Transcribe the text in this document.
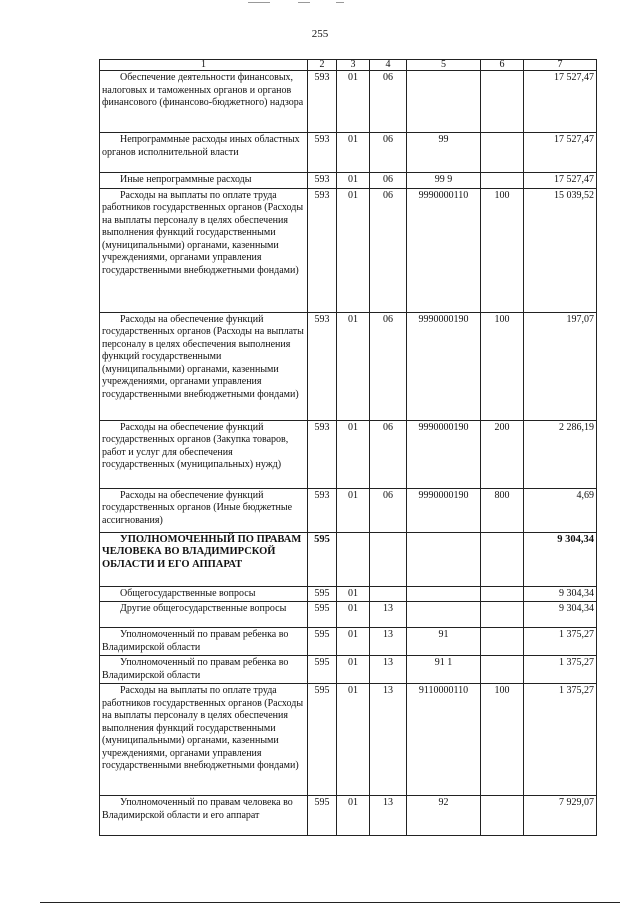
255
1	2	3	4	5	6	7
Обеспечение деятельности финансовых, налоговых и таможенных органов и органов финансового (финансово-бюджетного) надзора	593	01	06			17 527,47
Непрограммные расходы иных областных органов исполнительной власти	593	01	06	99		17 527,47
Иные непрограммные расходы	593	01	06	99 9		17 527,47
Расходы на выплаты по оплате труда работников государственных органов (Расходы на выплаты персоналу в целях обеспечения выполнения функций государственными (муниципальными) органами, казенными учреждениями, органами управления государственными внебюджетными фондами)	593	01	06	9990000110	100	15 039,52
Расходы на обеспечение функций государственных органов (Расходы на выплаты персоналу в целях обеспечения выполнения функций государственными (муниципальными) органами, казенными учреждениями, органами управления государственными внебюджетными фондами)	593	01	06	9990000190	100	197,07
Расходы на обеспечение функций государственных органов (Закупка товаров, работ и услуг для обеспечения государственных (муниципальных) нужд)	593	01	06	9990000190	200	2 286,19
Расходы на обеспечение функций государственных органов (Иные бюджетные ассигнования)	593	01	06	9990000190	800	4,69
УПОЛНОМОЧЕННЫЙ ПО ПРАВАМ ЧЕЛОВЕКА ВО ВЛАДИМИРСКОЙ ОБЛАСТИ И ЕГО АППАРАТ	595					9 304,34
Общегосударственные вопросы	595	01				9 304,34
Другие общегосударственные вопросы	595	01	13			9 304,34
Уполномоченный по правам ребенка во Владимирской области	595	01	13	91		1 375,27
Уполномоченный по правам ребенка во Владимирской области	595	01	13	91 1		1 375,27
Расходы на выплаты по оплате труда работников государственных органов (Расходы на выплаты персоналу в целях обеспечения выполнения функций государственными (муниципальными) органами, казенными учреждениями, органами управления государственными внебюджетными фондами)	595	01	13	9110000110	100	1 375,27
Уполномоченный по правам человека во Владимирской области и его аппарат	595	01	13	92		7 929,07
